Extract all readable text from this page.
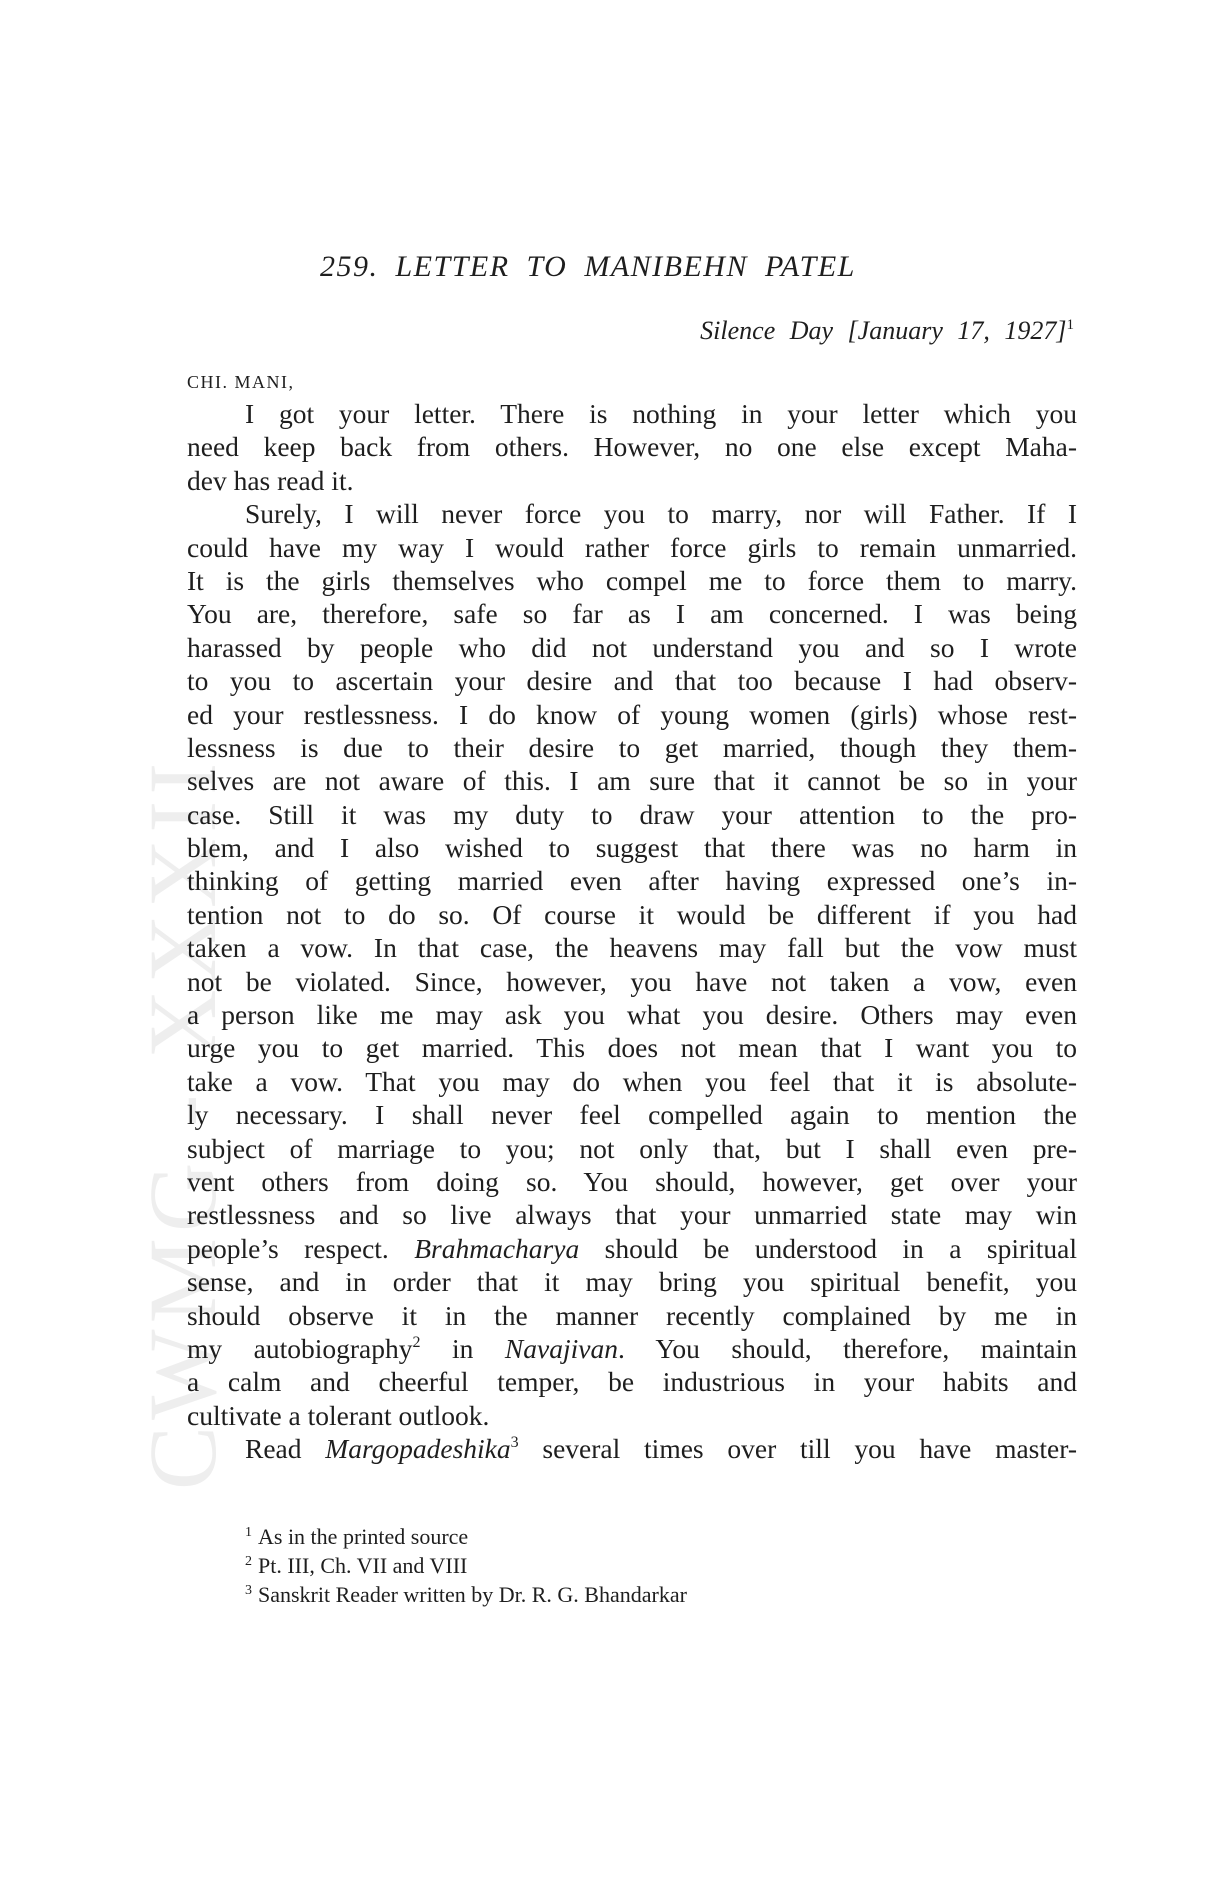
CWMG - XXXII
259. LETTER TO MANIBEHN PATEL
Silence Day [January 17, 1927]$^1$
CHI. MANI,
I got your letter. There is nothing in your letter which you
need keep back from others. However, no one else except Maha-
dev has read it.
Surely, I will never force you to marry, nor will Father. If I
could have my way I would rather force girls to remain unmarried.
It is the girls themselves who compel me to force them to marry.
You are, therefore, safe so far as I am concerned. I was being
harassed by people who did not understand you and so I wrote
to you to ascertain your desire and that too because I had observ-
ed your restlessness. I do know of young women (girls) whose rest-
lessness is due to their desire to get married, though they them-
selves are not aware of this. I am sure that it cannot be so in your
case. Still it was my duty to draw your attention to the pro-
blem, and I also wished to suggest that there was no harm in
thinking of getting married even after having expressed one’s in-
tention not to do so. Of course it would be different if you had
taken a vow. In that case, the heavens may fall but the vow must
not be violated. Since, however, you have not taken a vow, even
a person like me may ask you what you desire. Others may even
urge you to get married. This does not mean that I want you to
take a vow. That you may do when you feel that it is absolute-
ly necessary. I shall never feel compelled again to mention the
subject of marriage to you; not only that, but I shall even pre-
vent others from doing so. You should, however, get over your
restlessness and so live always that your unmarried state may win
people’s respect. Brahmacharya should be understood in a spiritual
sense, and in order that it may bring you spiritual benefit, you
should observe it in the manner recently complained by me in
my autobiography$^2$ in Navajivan. You should, therefore, maintain
a calm and cheerful temper, be industrious in your habits and
cultivate a tolerant outlook.
Read Margopadeshika$^3$ several times over till you have master-
$^1$ As in the printed source
$^2$ Pt. III, Ch. VII and VIII
$^3$ Sanskrit Reader written by Dr. R. G. Bhandarkar
